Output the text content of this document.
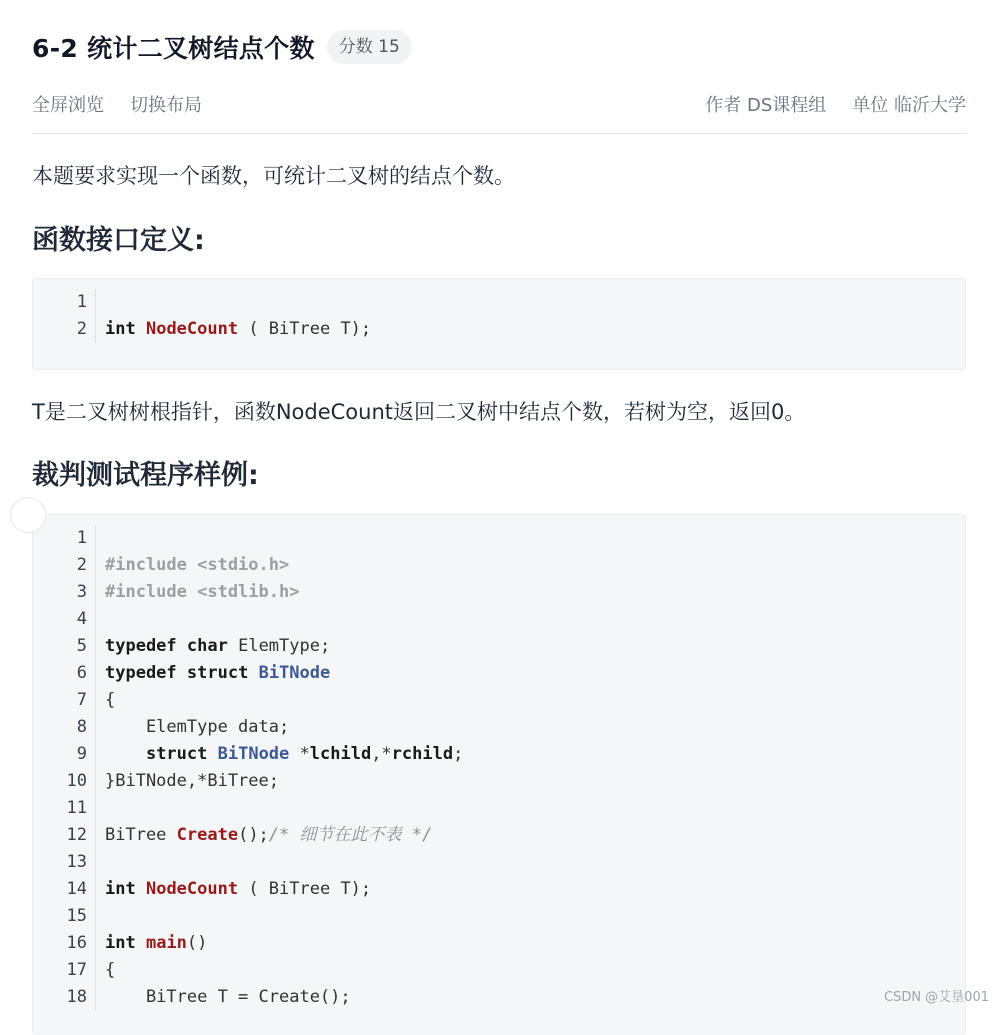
6-2 统计二叉树结点个数	分数 15
全屏浏览 切换布局	作者 DS课程组 单位 临沂大学
本题要求实现一个函数，可统计二叉树的结点个数。
函数接口定义:
1
2	int NodeCount ( BiTree T);
T是二叉树树根指针，函数NodeCount返回二叉树中结点个数，若树为空，返回0。
裁判测试程序样例:
1
2	#include <stdio.h>
3	#include <stdlib.h>
4
5	typedef char ElemType;
6	typedef struct BiTNode
7	{
8	ElemType data;
9	struct BiTNode *lchild,*rchild;
10	}BiTNode,*BiTree;
11
12	BiTree Create();/* 细节在此不表 */
13
14	int NodeCount ( BiTree T);
15
16	int main()
17	{
18	BiTree T = Create();	CSDN @艾垦001
